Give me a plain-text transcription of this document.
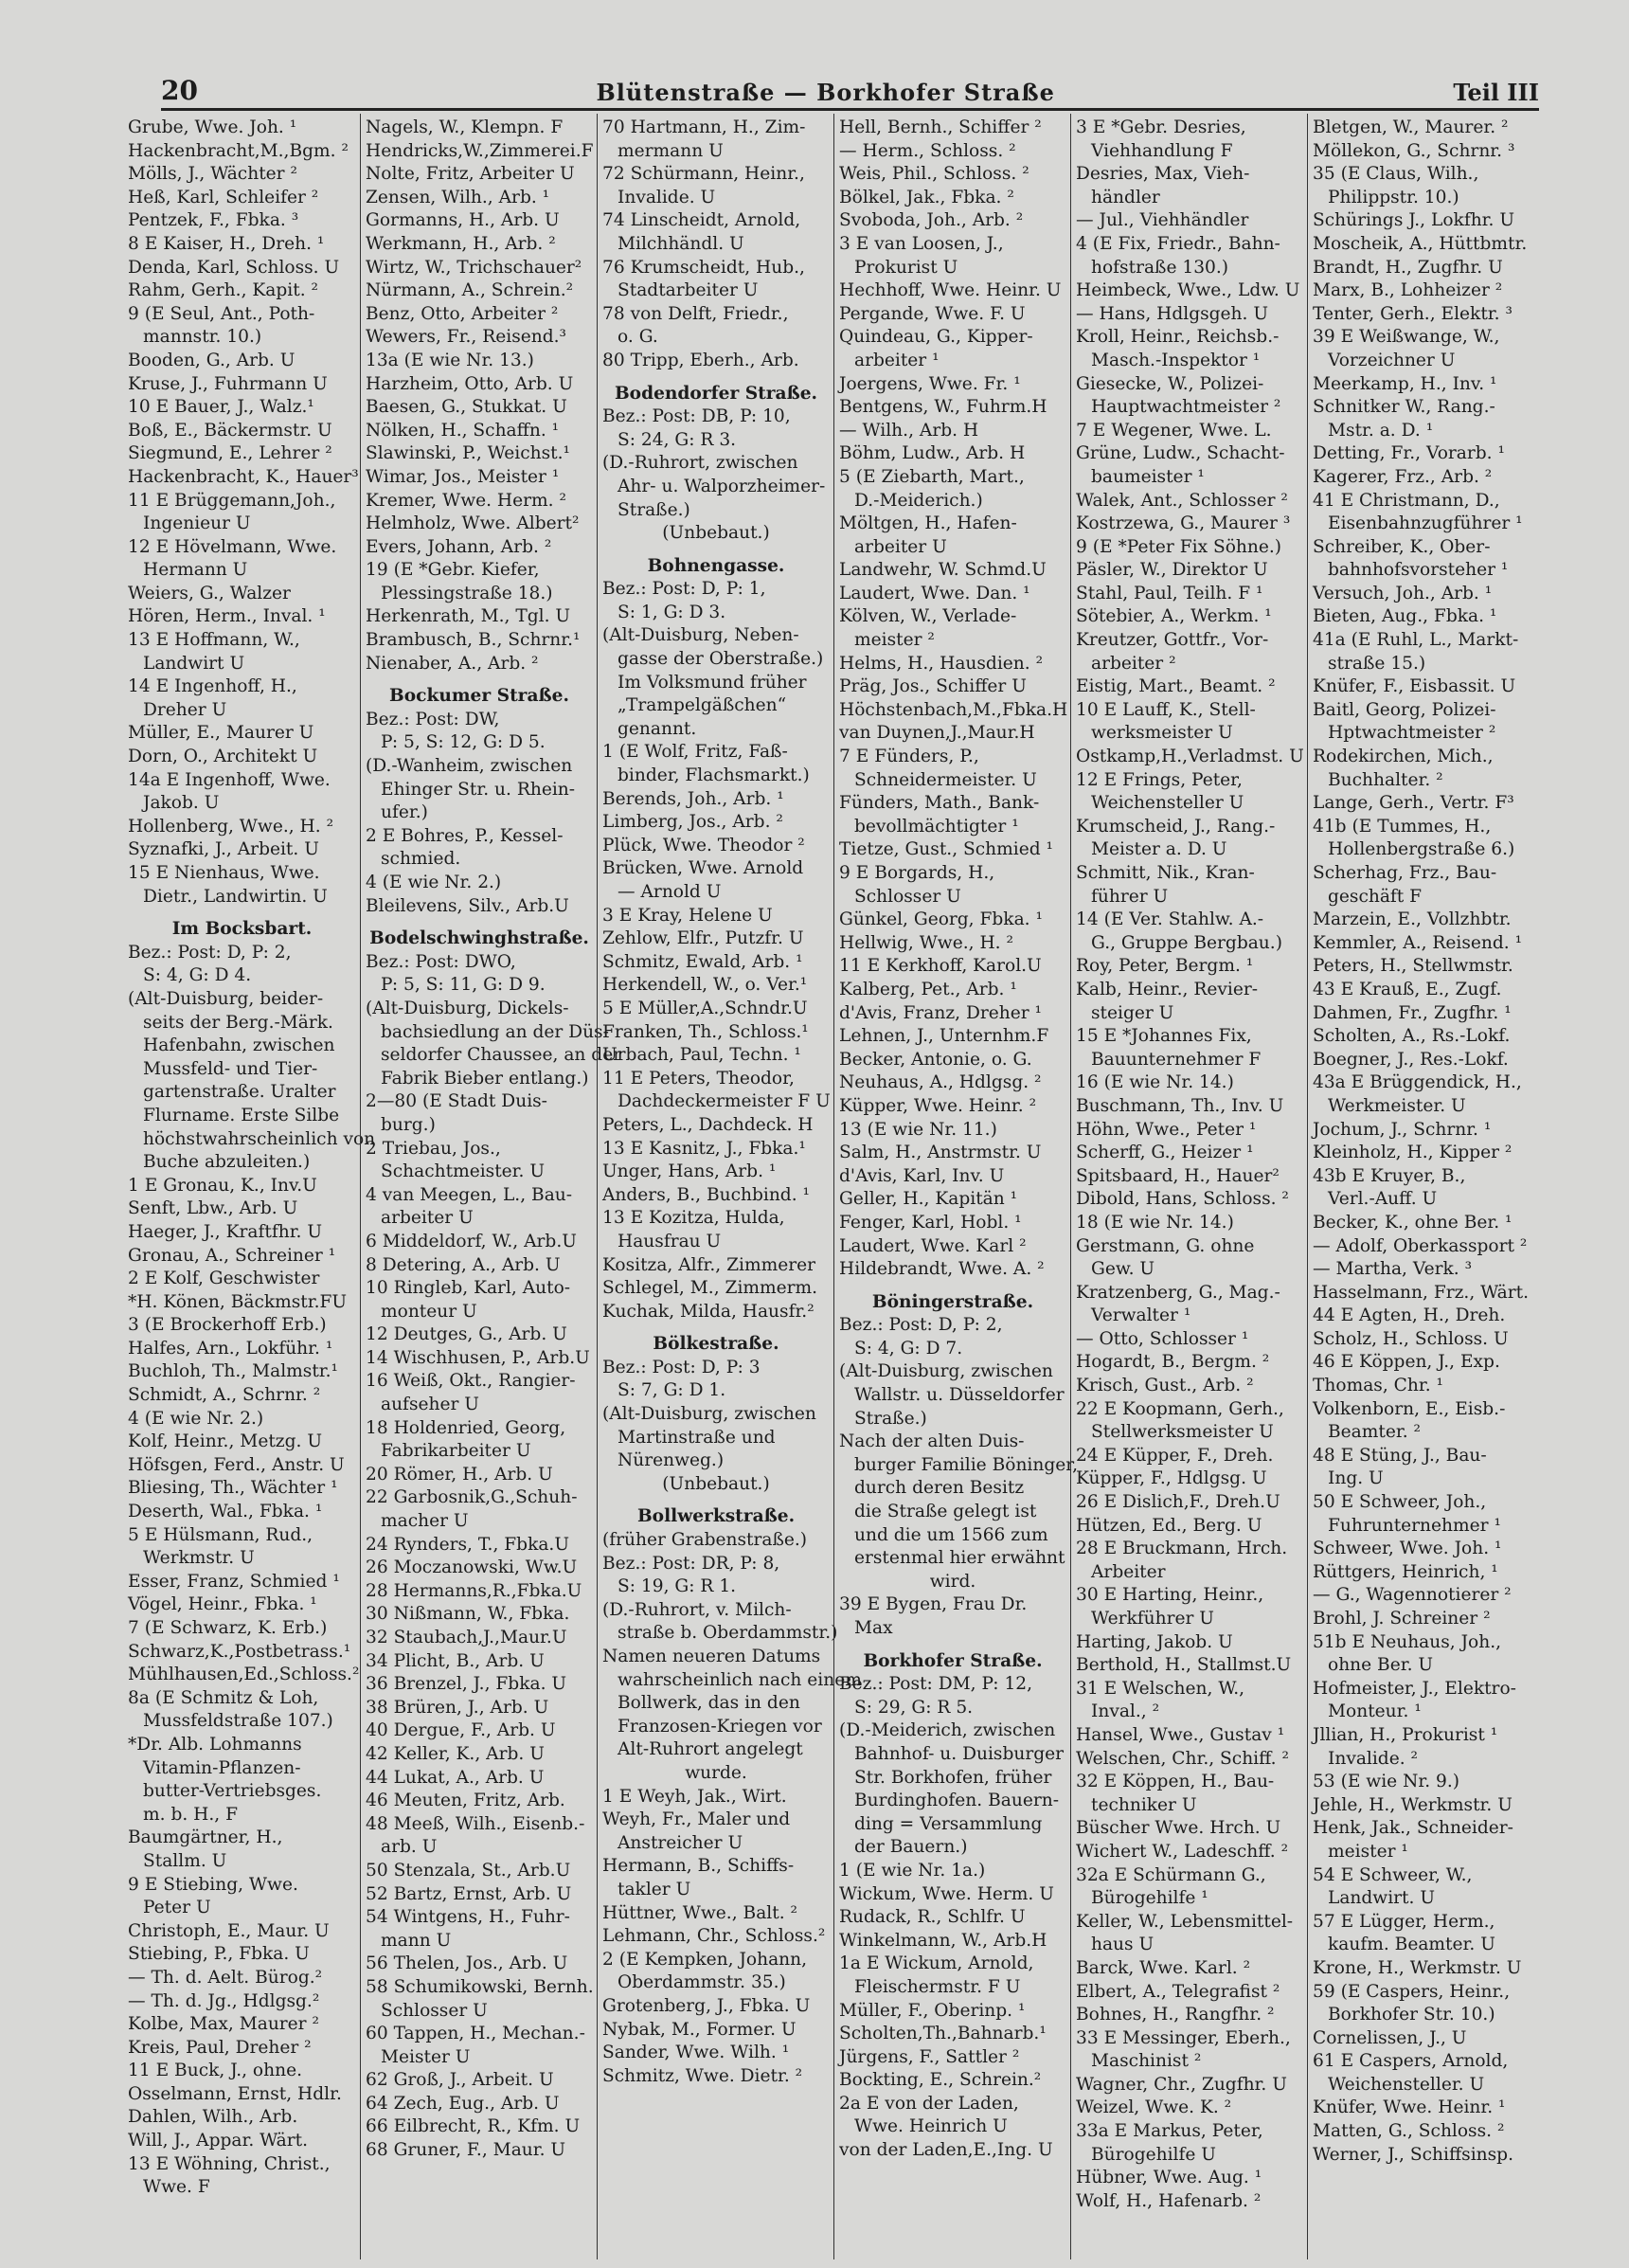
20	Blütenstraße — Borkhofer Straße	Teil III
Grube, Wwe. Joh. ¹
Hackenbracht,M.,Bgm. ²
Mölls, J., Wächter ²
Heß, Karl, Schleifer ²
Pentzek, F., Fbka. ³
8 E Kaiser, H., Dreh. ¹
Denda, Karl, Schloss. U
Rahm, Gerh., Kapit. ²
9 (E Seul, Ant., Poth-
mannstr. 10.)
Booden, G., Arb. U
Kruse, J., Fuhrmann U
10 E Bauer, J., Walz.¹
Boß, E., Bäckermstr. U
Siegmund, E., Lehrer ²
Hackenbracht, K., Hauer³
11 E Brüggemann,Joh.,
Ingenieur U
12 E Hövelmann, Wwe.
Hermann U
Weiers, G., Walzer
Hören, Herm., Inval. ¹
13 E Hoffmann, W.,
Landwirt U
14 E Ingenhoff, H.,
Dreher U
Müller, E., Maurer U
Dorn, O., Architekt U
14a E Ingenhoff, Wwe.
Jakob. U
Hollenberg, Wwe., H. ²
Syznafki, J., Arbeit. U
15 E Nienhaus, Wwe.
Dietr., Landwirtin. U
Im Bocksbart.
Bez.: Post: D, P: 2,
S: 4, G: D 4.
(Alt-Duisburg, beider-
seits der Berg.-Märk.
Hafenbahn, zwischen
Mussfeld- und Tier-
gartenstraße. Uralter
Flurname. Erste Silbe
höchstwahrscheinlich von
Buche abzuleiten.)
1 E Gronau, K., Inv.U
Senft, Lbw., Arb. U
Haeger, J., Kraftfhr. U
Gronau, A., Schreiner ¹
2 E Kolf, Geschwister
*H. Könen, Bäckmstr.FU
3 (E Brockerhoff Erb.)
Halfes, Arn., Lokführ. ¹
Buchloh, Th., Malmstr.¹
Schmidt, A., Schrnr. ²
4 (E wie Nr. 2.)
Kolf, Heinr., Metzg. U
Höfsgen, Ferd., Anstr. U
Bliesing, Th., Wächter ¹
Deserth, Wal., Fbka. ¹
5 E Hülsmann, Rud.,
Werkmstr. U
Esser, Franz, Schmied ¹
Vögel, Heinr., Fbka. ¹
7 (E Schwarz, K. Erb.)
Schwarz,K.,Postbetrass.¹
Mühlhausen,Ed.,Schloss.²
8a (E Schmitz & Loh,
Mussfeldstraße 107.)
*Dr. Alb. Lohmanns
Vitamin-Pflanzen-
butter-Vertriebsges.
m. b. H., F
Baumgärtner, H.,
Stallm. U
9 E Stiebing, Wwe.
Peter U
Christoph, E., Maur. U
Stiebing, P., Fbka. U
— Th. d. Aelt. Bürog.²
— Th. d. Jg., Hdlgsg.²
Kolbe, Max, Maurer ²
Kreis, Paul, Dreher ²
11 E Buck, J., ohne.
Osselmann, Ernst, Hdlr.
Dahlen, Wilh., Arb.
Will, J., Appar. Wärt.
13 E Wöhning, Christ.,
Wwe. F
Nagels, W., Klempn. F
Hendricks,W.,Zimmerei.F
Nolte, Fritz, Arbeiter U
Zensen, Wilh., Arb. ¹
Gormanns, H., Arb. U
Werkmann, H., Arb. ²
Wirtz, W., Trichschauer²
Nürmann, A., Schrein.²
Benz, Otto, Arbeiter ²
Wewers, Fr., Reisend.³
13a (E wie Nr. 13.)
Harzheim, Otto, Arb. U
Baesen, G., Stukkat. U
Nölken, H., Schaffn. ¹
Slawinski, P., Weichst.¹
Wimar, Jos., Meister ¹
Kremer, Wwe. Herm. ²
Helmholz, Wwe. Albert²
Evers, Johann, Arb. ²
19 (E *Gebr. Kiefer,
Plessingstraße 18.)
Herkenrath, M., Tgl. U
Brambusch, B., Schrnr.¹
Nienaber, A., Arb. ²
Bockumer Straße.
Bez.: Post: DW,
P: 5, S: 12, G: D 5.
(D.-Wanheim, zwischen
Ehinger Str. u. Rhein-
ufer.)
2 E Bohres, P., Kessel-
schmied.
4 (E wie Nr. 2.)
Bleilevens, Silv., Arb.U
Bodelschwinghstraße.
Bez.: Post: DWO,
P: 5, S: 11, G: D 9.
(Alt-Duisburg, Dickels-
bachsiedlung an der Düs-
seldorfer Chaussee, an der
Fabrik Bieber entlang.)
2—80 (E Stadt Duis-
burg.)
2 Triebau, Jos.,
Schachtmeister. U
4 van Meegen, L., Bau-
arbeiter U
6 Middeldorf, W., Arb.U
8 Detering, A., Arb. U
10 Ringleb, Karl, Auto-
monteur U
12 Deutges, G., Arb. U
14 Wischhusen, P., Arb.U
16 Weiß, Okt., Rangier-
aufseher U
18 Holdenried, Georg,
Fabrikarbeiter U
20 Römer, H., Arb. U
22 Garbosnik,G.,Schuh-
macher U
24 Rynders, T., Fbka.U
26 Moczanowski, Ww.U
28 Hermanns,R.,Fbka.U
30 Nißmann, W., Fbka.
32 Staubach,J.,Maur.U
34 Plicht, B., Arb. U
36 Brenzel, J., Fbka. U
38 Brüren, J., Arb. U
40 Dergue, F., Arb. U
42 Keller, K., Arb. U
44 Lukat, A., Arb. U
46 Meuten, Fritz, Arb.
48 Meeß, Wilh., Eisenb.-
arb. U
50 Stenzala, St., Arb.U
52 Bartz, Ernst, Arb. U
54 Wintgens, H., Fuhr-
mann U
56 Thelen, Jos., Arb. U
58 Schumikowski, Bernh.
Schlosser U
60 Tappen, H., Mechan.-
Meister U
62 Groß, J., Arbeit. U
64 Zech, Eug., Arb. U
66 Eilbrecht, R., Kfm. U
68 Gruner, F., Maur. U
70 Hartmann, H., Zim-
mermann U
72 Schürmann, Heinr.,
Invalide. U
74 Linscheidt, Arnold,
Milchhändl. U
76 Krumscheidt, Hub.,
Stadtarbeiter U
78 von Delft, Friedr.,
o. G.
80 Tripp, Eberh., Arb.
Bodendorfer Straße.
Bez.: Post: DB, P: 10,
S: 24, G: R 3.
(D.-Ruhrort, zwischen
Ahr- u. Walporzheimer-
Straße.)
(Unbebaut.)
Bohnengasse.
Bez.: Post: D, P: 1,
S: 1, G: D 3.
(Alt-Duisburg, Neben-
gasse der Oberstraße.)
Im Volksmund früher
„Trampelgäßchen“
genannt.
1 (E Wolf, Fritz, Faß-
binder, Flachsmarkt.)
Berends, Joh., Arb. ¹
Limberg, Jos., Arb. ²
Plück, Wwe. Theodor ²
Brücken, Wwe. Arnold
— Arnold U
3 E Kray, Helene U
Zehlow, Elfr., Putzfr. U
Schmitz, Ewald, Arb. ¹
Herkendell, W., o. Ver.¹
5 E Müller,A.,Schndr.U
Franken, Th., Schloss.¹
Urbach, Paul, Techn. ¹
11 E Peters, Theodor,
Dachdeckermeister F U
Peters, L., Dachdeck. H
13 E Kasnitz, J., Fbka.¹
Unger, Hans, Arb. ¹
Anders, B., Buchbind. ¹
13 E Kozitza, Hulda,
Hausfrau U
Kositza, Alfr., Zimmerer
Schlegel, M., Zimmerm.
Kuchak, Milda, Hausfr.²
Bölkestraße.
Bez.: Post: D, P: 3
S: 7, G: D 1.
(Alt-Duisburg, zwischen
Martinstraße und
Nürenweg.)
(Unbebaut.)
Bollwerkstraße.
(früher Grabenstraße.)
Bez.: Post: DR, P: 8,
S: 19, G: R 1.
(D.-Ruhrort, v. Milch-
straße b. Oberdammstr.)
Namen neueren Datums
wahrscheinlich nach einem
Bollwerk, das in den
Franzosen-Kriegen vor
Alt-Ruhrort angelegt
wurde.
1 E Weyh, Jak., Wirt.
Weyh, Fr., Maler und
Anstreicher U
Hermann, B., Schiffs-
takler U
Hüttner, Wwe., Balt. ²
Lehmann, Chr., Schloss.²
2 (E Kempken, Johann,
Oberdammstr. 35.)
Grotenberg, J., Fbka. U
Nybak, M., Former. U
Sander, Wwe. Wilh. ¹
Schmitz, Wwe. Dietr. ²
Hell, Bernh., Schiffer ²
— Herm., Schloss. ²
Weis, Phil., Schloss. ²
Bölkel, Jak., Fbka. ²
Svoboda, Joh., Arb. ²
3 E van Loosen, J.,
Prokurist U
Hechhoff, Wwe. Heinr. U
Pergande, Wwe. F. U
Quindeau, G., Kipper-
arbeiter ¹
Joergens, Wwe. Fr. ¹
Bentgens, W., Fuhrm.H
— Wilh., Arb. H
Böhm, Ludw., Arb. H
5 (E Ziebarth, Mart.,
D.-Meiderich.)
Möltgen, H., Hafen-
arbeiter U
Landwehr, W. Schmd.U
Laudert, Wwe. Dan. ¹
Kölven, W., Verlade-
meister ²
Helms, H., Hausdien. ²
Präg, Jos., Schiffer U
Höchstenbach,M.,Fbka.H
van Duynen,J.,Maur.H
7 E Fünders, P.,
Schneidermeister. U
Fünders, Math., Bank-
bevollmächtigter ¹
Tietze, Gust., Schmied ¹
9 E Borgards, H.,
Schlosser U
Günkel, Georg, Fbka. ¹
Hellwig, Wwe., H. ²
11 E Kerkhoff, Karol.U
Kalberg, Pet., Arb. ¹
d'Avis, Franz, Dreher ¹
Lehnen, J., Unternhm.F
Becker, Antonie, o. G.
Neuhaus, A., Hdlgsg. ²
Küpper, Wwe. Heinr. ²
13 (E wie Nr. 11.)
Salm, H., Anstrmstr. U
d'Avis, Karl, Inv. U
Geller, H., Kapitän ¹
Fenger, Karl, Hobl. ¹
Laudert, Wwe. Karl ²
Hildebrandt, Wwe. A. ²
Böningerstraße.
Bez.: Post: D, P: 2,
S: 4, G: D 7.
(Alt-Duisburg, zwischen
Wallstr. u. Düsseldorfer
Straße.)
Nach der alten Duis-
burger Familie Böninger,
durch deren Besitz
die Straße gelegt ist
und die um 1566 zum
erstenmal hier erwähnt
wird.
39 E Bygen, Frau Dr.
Max
Borkhofer Straße.
Bez.: Post: DM, P: 12,
S: 29, G: R 5.
(D.-Meiderich, zwischen
Bahnhof- u. Duisburger
Str. Borkhofen, früher
Burdinghofen. Bauern-
ding = Versammlung
der Bauern.)
1 (E wie Nr. 1a.)
Wickum, Wwe. Herm. U
Rudack, R., Schlfr. U
Winkelmann, W., Arb.H
1a E Wickum, Arnold,
Fleischermstr. F U
Müller, F., Oberinp. ¹
Scholten,Th.,Bahnarb.¹
Jürgens, F., Sattler ²
Bockting, E., Schrein.²
2a E von der Laden,
Wwe. Heinrich U
von der Laden,E.,Ing. U
3 E *Gebr. Desries,
Viehhandlung F
Desries, Max, Vieh-
händler
— Jul., Viehhändler
4 (E Fix, Friedr., Bahn-
hofstraße 130.)
Heimbeck, Wwe., Ldw. U
— Hans, Hdlgsgeh. U
Kroll, Heinr., Reichsb.-
Masch.-Inspektor ¹
Giesecke, W., Polizei-
Hauptwachtmeister ²
7 E Wegener, Wwe. L.
Grüne, Ludw., Schacht-
baumeister ¹
Walek, Ant., Schlosser ²
Kostrzewa, G., Maurer ³
9 (E *Peter Fix Söhne.)
Päsler, W., Direktor U
Stahl, Paul, Teilh. F ¹
Sötebier, A., Werkm. ¹
Kreutzer, Gottfr., Vor-
arbeiter ²
Eistig, Mart., Beamt. ²
10 E Lauff, K., Stell-
werksmeister U
Ostkamp,H.,Verladmst. U
12 E Frings, Peter,
Weichensteller U
Krumscheid, J., Rang.-
Meister a. D. U
Schmitt, Nik., Kran-
führer U
14 (E Ver. Stahlw. A.-
G., Gruppe Bergbau.)
Roy, Peter, Bergm. ¹
Kalb, Heinr., Revier-
steiger U
15 E *Johannes Fix,
Bauunternehmer F
16 (E wie Nr. 14.)
Buschmann, Th., Inv. U
Höhn, Wwe., Peter ¹
Scherff, G., Heizer ¹
Spitsbaard, H., Hauer²
Dibold, Hans, Schloss. ²
18 (E wie Nr. 14.)
Gerstmann, G. ohne
Gew. U
Kratzenberg, G., Mag.-
Verwalter ¹
— Otto, Schlosser ¹
Hogardt, B., Bergm. ²
Krisch, Gust., Arb. ²
22 E Koopmann, Gerh.,
Stellwerksmeister U
24 E Küpper, F., Dreh.
Küpper, F., Hdlgsg. U
26 E Dislich,F., Dreh.U
Hützen, Ed., Berg. U
28 E Bruckmann, Hrch.
Arbeiter
30 E Harting, Heinr.,
Werkführer U
Harting, Jakob. U
Berthold, H., Stallmst.U
31 E Welschen, W.,
Inval., ²
Hansel, Wwe., Gustav ¹
Welschen, Chr., Schiff. ²
32 E Köppen, H., Bau-
techniker U
Büscher Wwe. Hrch. U
Wichert W., Ladeschff. ²
32a E Schürmann G.,
Bürogehilfe ¹
Keller, W., Lebensmittel-
haus U
Barck, Wwe. Karl. ²
Elbert, A., Telegrafist ²
Bohnes, H., Rangfhr. ²
33 E Messinger, Eberh.,
Maschinist ²
Wagner, Chr., Zugfhr. U
Weizel, Wwe. K. ²
33a E Markus, Peter,
Bürogehilfe U
Hübner, Wwe. Aug. ¹
Wolf, H., Hafenarb. ²
Bletgen, W., Maurer. ²
Möllekon, G., Schrnr. ³
35 (E Claus, Wilh.,
Philippstr. 10.)
Schürings J., Lokfhr. U
Moscheik, A., Hüttbmtr.
Brandt, H., Zugfhr. U
Marx, B., Lohheizer ²
Tenter, Gerh., Elektr. ³
39 E Weißwange, W.,
Vorzeichner U
Meerkamp, H., Inv. ¹
Schnitker W., Rang.-
Mstr. a. D. ¹
Detting, Fr., Vorarb. ¹
Kagerer, Frz., Arb. ²
41 E Christmann, D.,
Eisenbahnzugführer ¹
Schreiber, K., Ober-
bahnhofsvorsteher ¹
Versuch, Joh., Arb. ¹
Bieten, Aug., Fbka. ¹
41a (E Ruhl, L., Markt-
straße 15.)
Knüfer, F., Eisbassit. U
Baitl, Georg, Polizei-
Hptwachtmeister ²
Rodekirchen, Mich.,
Buchhalter. ²
Lange, Gerh., Vertr. F³
41b (E Tummes, H.,
Hollenbergstraße 6.)
Scherhag, Frz., Bau-
geschäft F
Marzein, E., Vollzhbtr.
Kemmler, A., Reisend. ¹
Peters, H., Stellwmstr.
43 E Krauß, E., Zugf.
Dahmen, Fr., Zugfhr. ¹
Scholten, A., Rs.-Lokf.
Boegner, J., Res.-Lokf.
43a E Brüggendick, H.,
Werkmeister. U
Jochum, J., Schrnr. ¹
Kleinholz, H., Kipper ²
43b E Kruyer, B.,
Verl.-Auff. U
Becker, K., ohne Ber. ¹
— Adolf, Oberkassport ²
— Martha, Verk. ³
Hasselmann, Frz., Wärt.
44 E Agten, H., Dreh.
Scholz, H., Schloss. U
46 E Köppen, J., Exp.
Thomas, Chr. ¹
Volkenborn, E., Eisb.-
Beamter. ²
48 E Stüng, J., Bau-
Ing. U
50 E Schweer, Joh.,
Fuhrunternehmer ¹
Schweer, Wwe. Joh. ¹
Rüttgers, Heinrich, ¹
— G., Wagennotierer ²
Brohl, J. Schreiner ²
51b E Neuhaus, Joh.,
ohne Ber. U
Hofmeister, J., Elektro-
Monteur. ¹
Jllian, H., Prokurist ¹
Invalide. ²
53 (E wie Nr. 9.)
Jehle, H., Werkmstr. U
Henk, Jak., Schneider-
meister ¹
54 E Schweer, W.,
Landwirt. U
57 E Lügger, Herm.,
kaufm. Beamter. U
Krone, H., Werkmstr. U
59 (E Caspers, Heinr.,
Borkhofer Str. 10.)
Cornelissen, J., U
61 E Caspers, Arnold,
Weichensteller. U
Knüfer, Wwe. Heinr. ¹
Matten, G., Schloss. ²
Werner, J., Schiffsinsp.
